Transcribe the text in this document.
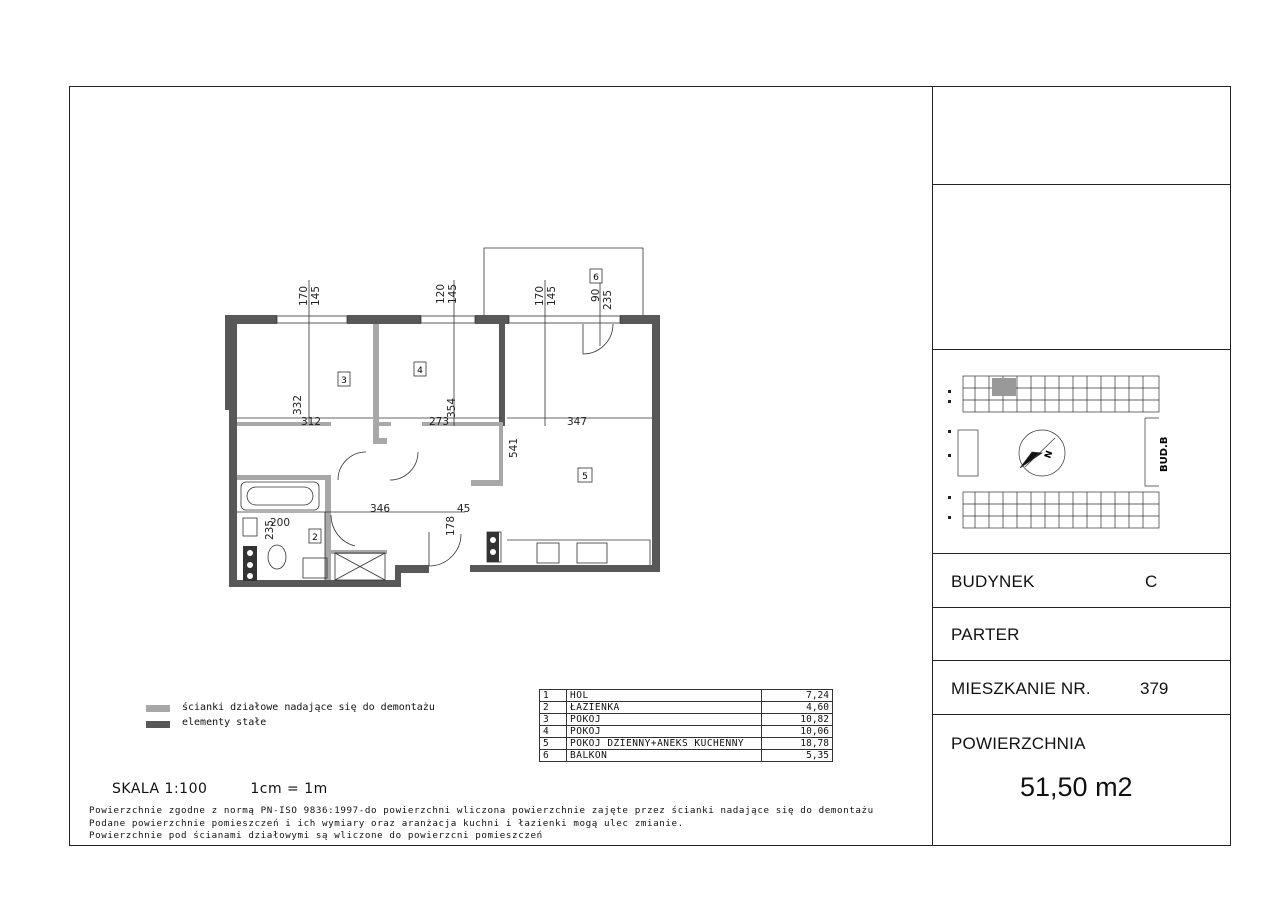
BUDYNEK	C
PARTER
MIESZKANIE NR.	379
POWIERZCHNIA
51,50 m2
N	BUD.B
3
4
5
2
6
170 145	120 145	170 145	90 235
332
312	273
354
347
541
346	45
178
200
235
ścianki działowe nadające się do demontażu
elementy stałe
1	HOL	7,24
2	ŁAZIENKA	4,60
3	POKÓJ	10,82
4	POKÓJ	10,06
5	POKÓJ DZIENNY+ANEKS KUCHENNY	18,78
6	BALKON	5,35
SKALA 1:100	1cm = 1m
Powierzchnie zgodne z normą PN-ISO 9836:1997-do powierzchni wliczona powierzchnie zajęte przez ścianki nadające się do demontażu
Podane powierzchnie pomieszczeń i ich wymiary oraz aranżacja kuchni i łazienki mogą ulec zmianie.
Powierzchnie pod ścianami działowymi są wliczone do powierzcni pomieszczeń
